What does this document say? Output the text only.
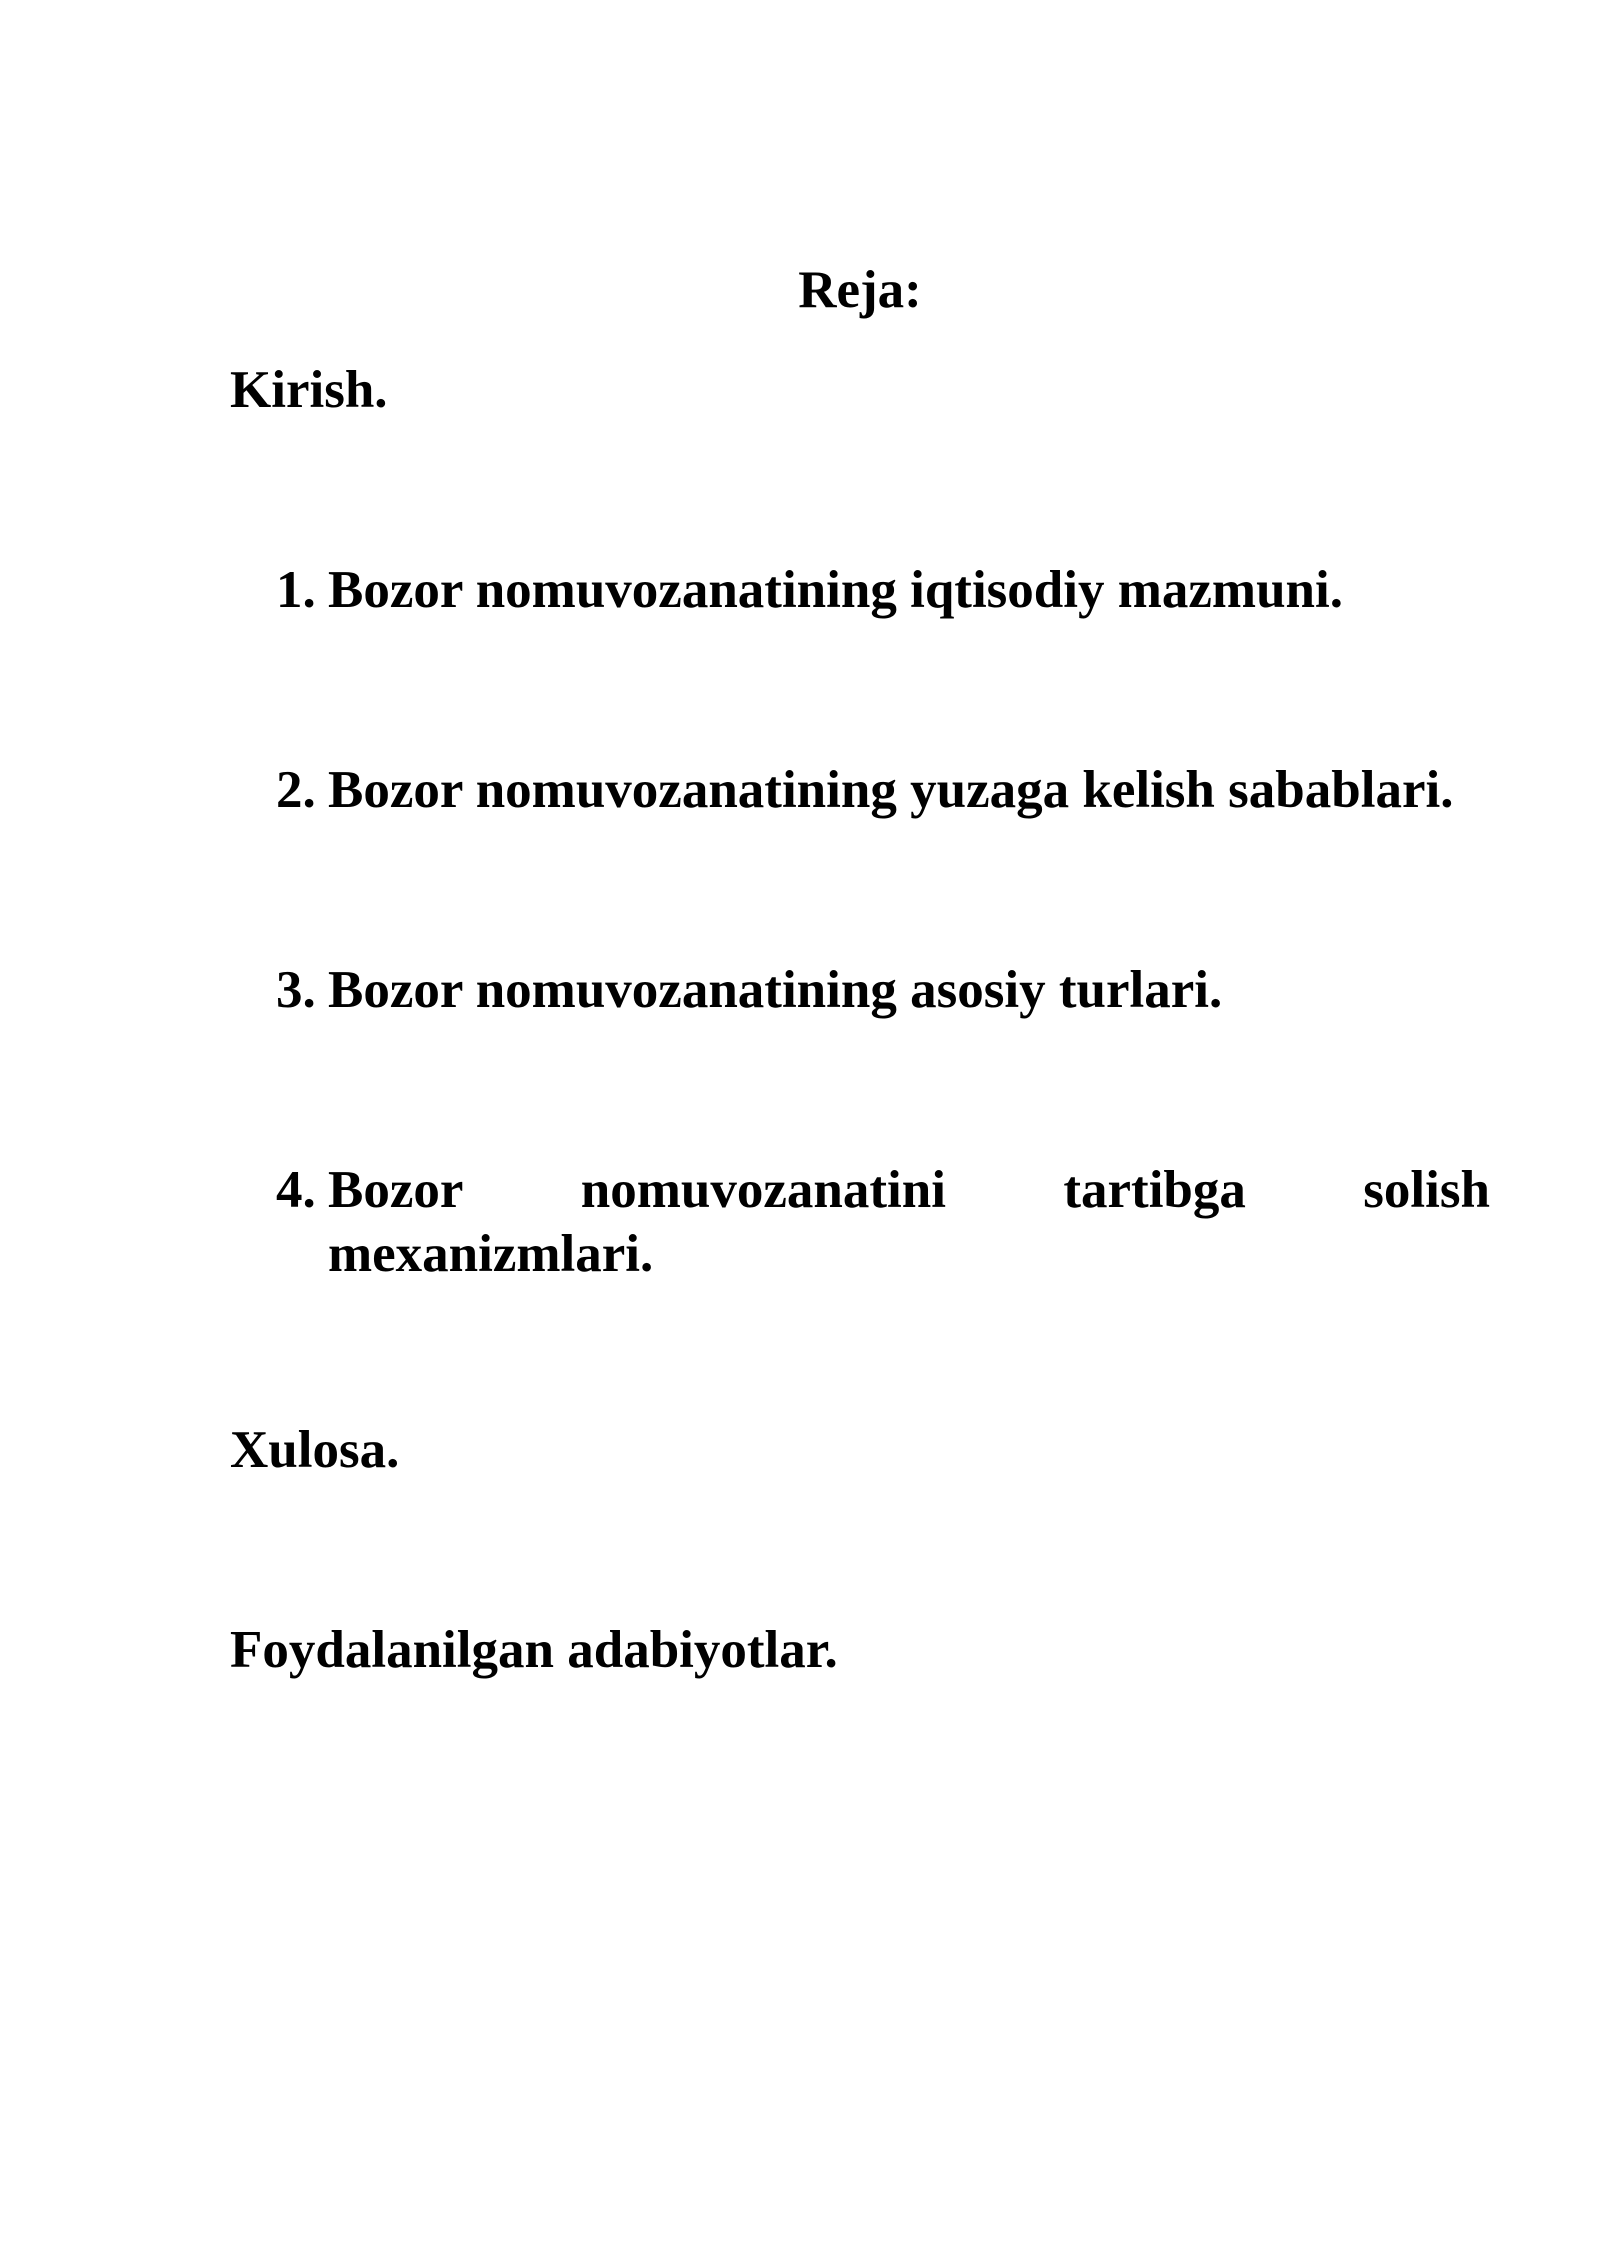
Reja:
Kirish.
1. Bozor nomuvozanatining iqtisodiy mazmuni.
2. Bozor nomuvozanatining yuzaga kelish sabablari.
3. Bozor nomuvozanatining asosiy turlari.
4. Bozor nomuvozanatini tartibga solish
mexanizmlari.
Xulosa.
Foydalanilgan adabiyotlar.
